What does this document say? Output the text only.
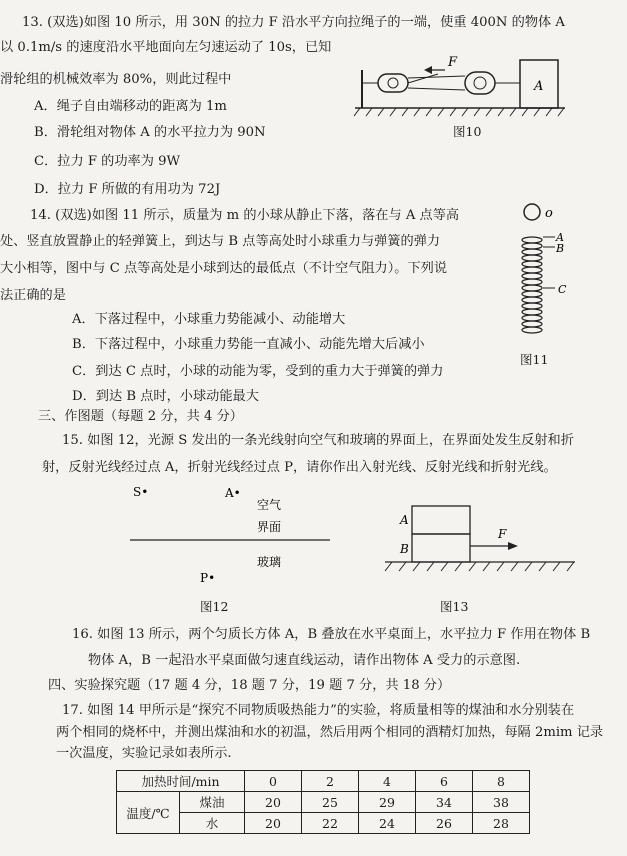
13. (双选)如图 10 所示，用 30N 的拉力 F 沿水平方向拉绳子的一端，使重 400N 的物体 A
以 0.1m/s 的速度沿水平地面向左匀速运动了 10s，已知
滑轮组的机械效率为 80%，则此过程中
A．绳子自由端移动的距离为 1m
B．滑轮组对物体 A 的水平拉力为 90N
C．拉力 F 的功率为 9W
D．拉力 F 所做的有用功为 72J
F
A
图10
14. (双选)如图 11 所示，质量为 m 的小球从静止下落，落在与 A 点等高
处、竖直放置静止的轻弹簧上，到达与 B 点等高处时小球重力与弹簧的弹力
大小相等，图中与 C 点等高处是小球到达的最低点（不计空气阻力）。下列说
法正确的是
A．下落过程中，小球重力势能减小、动能增大
B．下落过程中，小球重力势能一直减小、动能先增大后减小
C．到达 C 点时，小球的动能为零，受到的重力大于弹簧的弹力
D．到达 B 点时，小球动能最大
o
A
B
C
图11
三、作图题（每题 2 分，共 4 分）
15. 如图 12，光源 S 发出的一条光线射向空气和玻璃的界面上，在界面处发生反射和折
射，反射光线经过点 A，折射光线经过点 P，请你作出入射光线、反射光线和折射光线。
S•	A•
空气
界面
玻璃
P•
图12
A
B
F
图13
16. 如图 13 所示，两个匀质长方体 A，B 叠放在水平桌面上，水平拉力 F 作用在物体 B
物体 A，B 一起沿水平桌面做匀速直线运动，请作出物体 A 受力的示意图.
四、实验探究题（17 题 4 分，18 题 7 分，19 题 7 分，共 18 分）
17. 如图 14 甲所示是“探究不同物质吸热能力”的实验，将质量相等的煤油和水分别装在
两个相同的烧杯中，并测出煤油和水的初温，然后用两个相同的酒精灯加热，每隔 2mim 记录
一次温度，实验记录如表所示.
加热时间/min		0	2	4	6	8
温度/℃	煤油	20	25	29	34	38
	水	20	22	24	26	28
